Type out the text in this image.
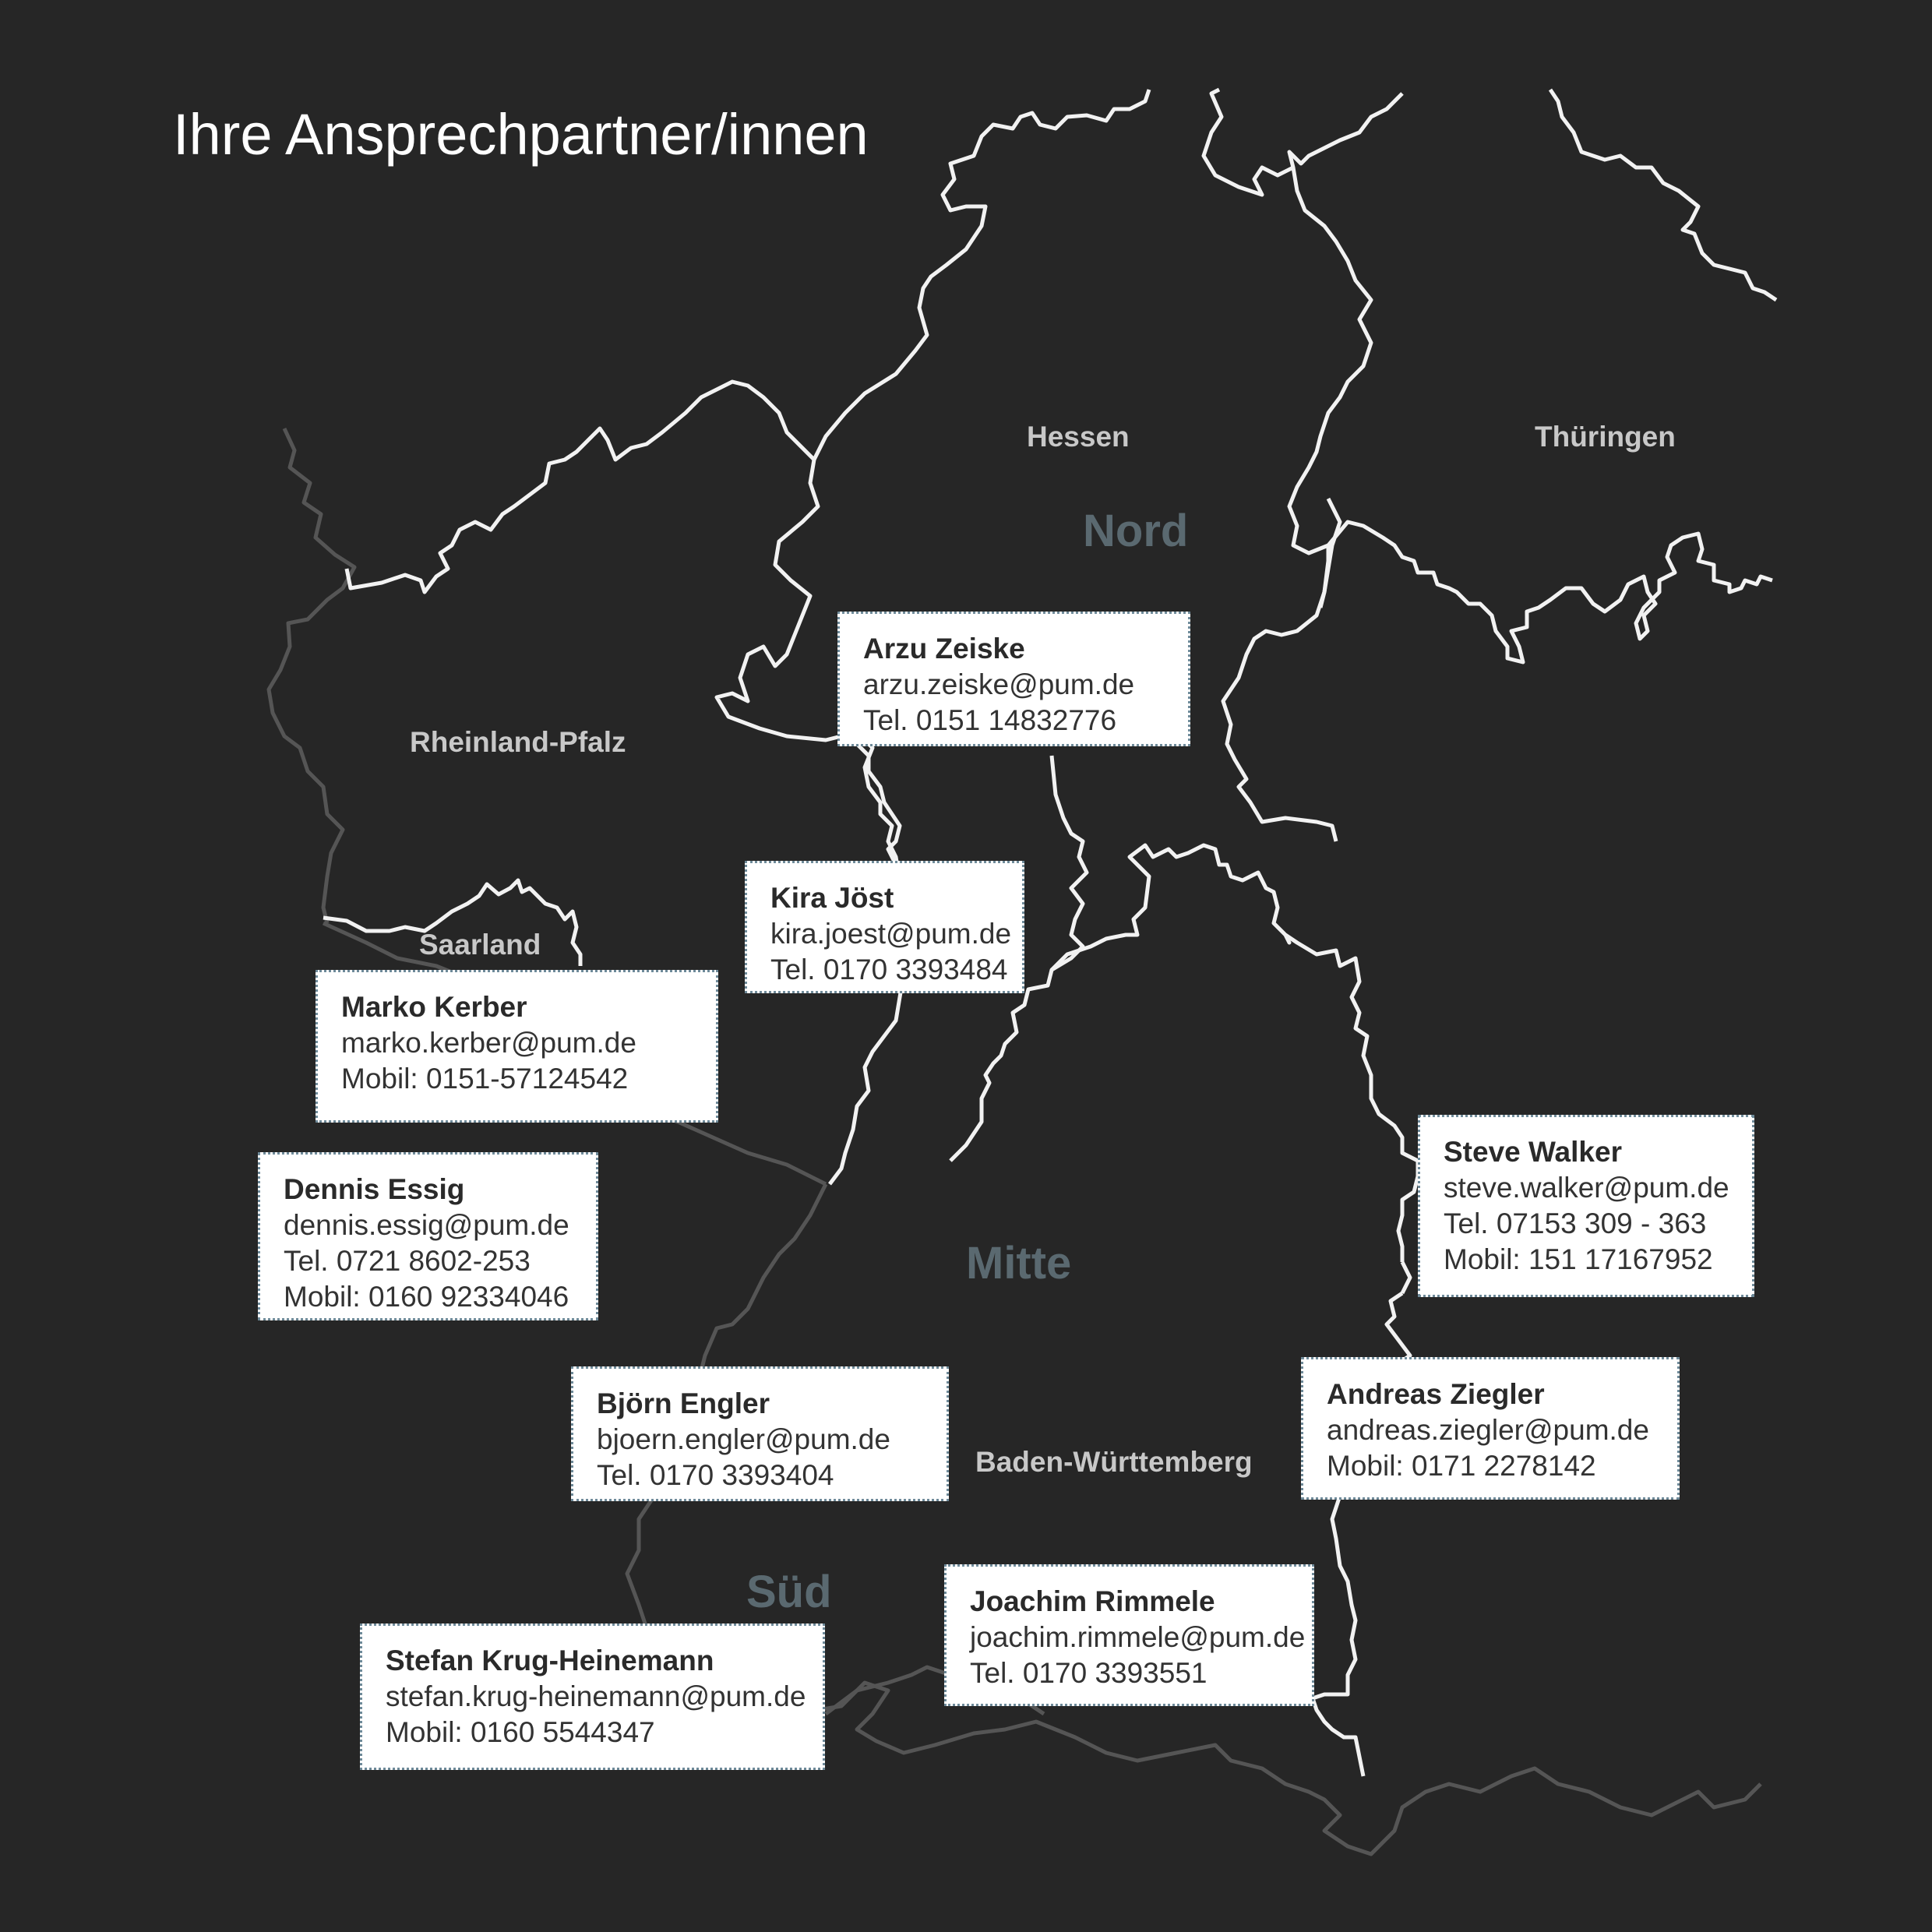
Ihre Ansprechpartner/innen
Hessen	Thüringen
Rheinland-Pfalz
Saarland
Baden-Württemberg
Nord
Mitte
Süd
Arzu Zeiske
arzu.zeiske@pum.de
Tel. 0151 14832776
Kira Jöst
kira.joest@pum.de
Tel. 0170 3393484
Marko Kerber
marko.kerber@pum.de
Mobil: 0151-57124542
Dennis Essig
dennis.essig@pum.de
Tel. 0721 8602-253
Mobil: 0160 92334046
Steve Walker
steve.walker@pum.de
Tel. 07153 309 - 363
Mobil: 151 17167952
Andreas Ziegler
andreas.ziegler@pum.de
Mobil: 0171 2278142
Björn Engler
bjoern.engler@pum.de
Tel. 0170 3393404
Joachim Rimmele
joachim.rimmele@pum.de
Tel. 0170 3393551
Stefan Krug-Heinemann
stefan.krug-heinemann@pum.de
Mobil: 0160 5544347
